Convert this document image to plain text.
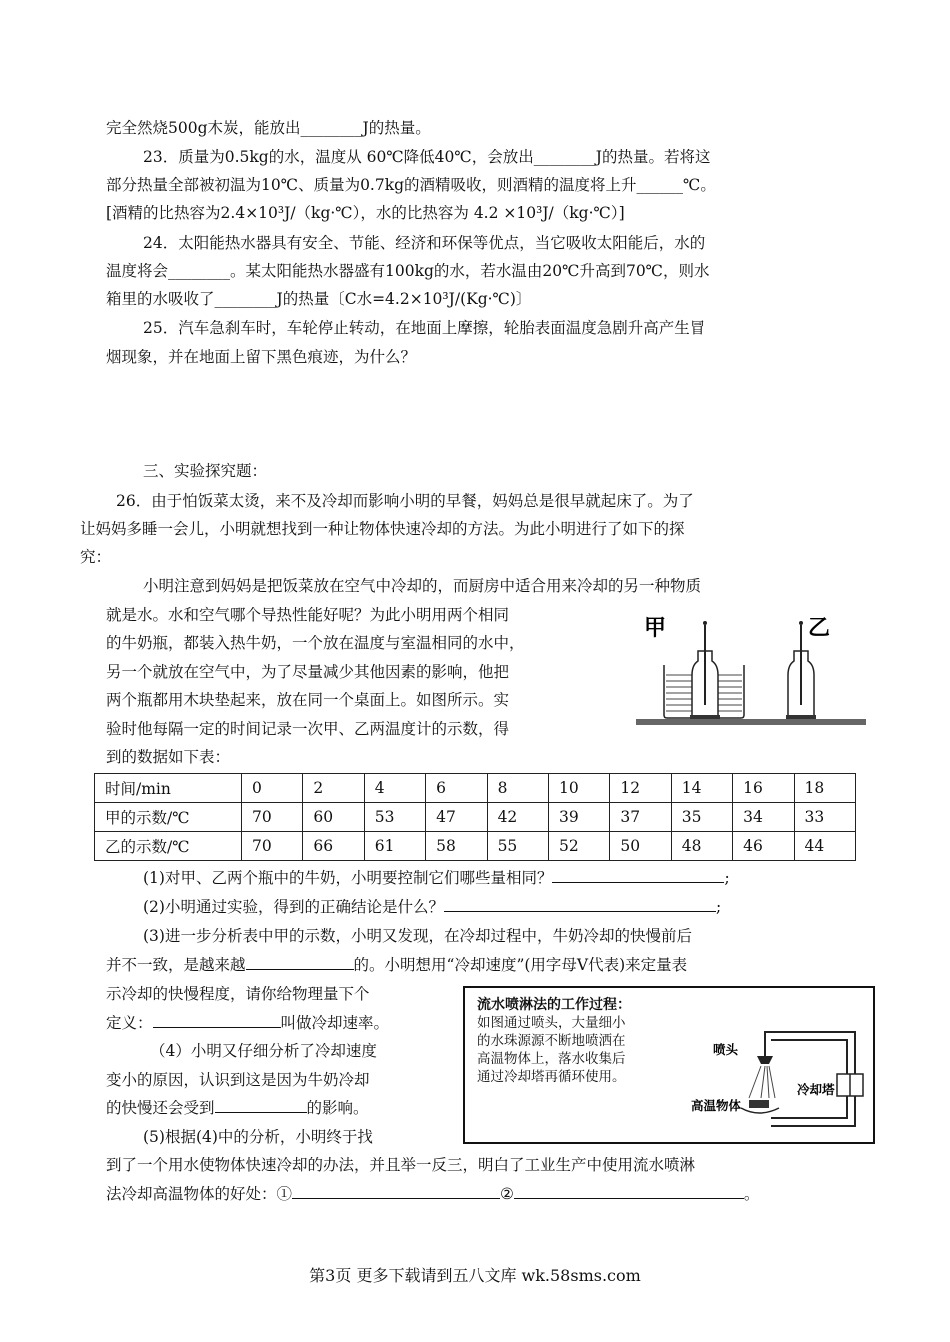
完全然烧500g木炭，能放出________J的热量。
23．质量为0.5kg的水，温度从 60℃降低40℃，会放出________J的热量。若将这
部分热量全部被初温为10℃、质量为0.7kg的酒精吸收，则酒精的温度将上升______℃。
[酒精的比热容为2.4×10³J/（kg·℃），水的比热容为 4.2 ×10³J/（kg·℃）]
24．太阳能热水器具有安全、节能、经济和环保等优点，当它吸收太阳能后，水的
温度将会________。某太阳能热水器盛有100kg的水，若水温由20℃升高到70℃，则水
箱里的水吸收了________J的热量〔C水=4.2×10³J/(Kg·℃)〕
25．汽车急刹车时，车轮停止转动，在地面上摩擦，轮胎表面温度急剧升高产生冒
烟现象，并在地面上留下黑色痕迹，为什么？
三、实验探究题：
26．由于怕饭菜太烫，来不及冷却而影响小明的早餐，妈妈总是很早就起床了。为了
让妈妈多睡一会儿，小明就想找到一种让物体快速冷却的方法。为此小明进行了如下的探
究：
小明注意到妈妈是把饭菜放在空气中冷却的，而厨房中适合用来冷却的另一种物质
就是水。水和空气哪个导热性能好呢？为此小明用两个相同
的牛奶瓶，都装入热牛奶，一个放在温度与室温相同的水中，
另一个就放在空气中，为了尽量减少其他因素的影响，他把
两个瓶都用木块垫起来，放在同一个桌面上。如图所示。实
验时他每隔一定的时间记录一次甲、乙两温度计的示数，得
到的数据如下表：
甲	乙
时间/min	0	2	4	6	8	10	12	14	16	18
甲的示数/℃	70	60	53	47	42	39	37	35	34	33
乙的示数/℃	70	66	61	58	55	52	50	48	46	44
(1)对甲、乙两个瓶中的牛奶，小明要控制它们哪些量相同？	;
(2)小明通过实验，得到的正确结论是什么？	;
(3)进一步分析表中甲的示数，小明又发现，在冷却过程中，牛奶冷却的快慢前后
并不一致，是越来越	的。小明想用“冷却速度”(用字母V代表)来定量表
示冷却的快慢程度，请你给物理量下个
定义：	叫做冷却速率。
（4）小明又仔细分析了冷却速度
变小的原因，认识到这是因为牛奶冷却
的快慢还会受到	的影响。
(5)根据(4)中的分析，小明终于找
到了一个用水使物体快速冷却的办法，并且举一反三，明白了工业生产中使用流水喷淋
法冷却高温物体的好处：①	②	。
流水喷淋法的工作过程：
如图通过喷头，大量细小
的水珠源源不断地喷洒在
高温物体上，落水收集后
通过冷却塔再循环使用。
喷头
高温物体
冷却塔
第3页 更多下载请到五八文库 wk.58sms.com
